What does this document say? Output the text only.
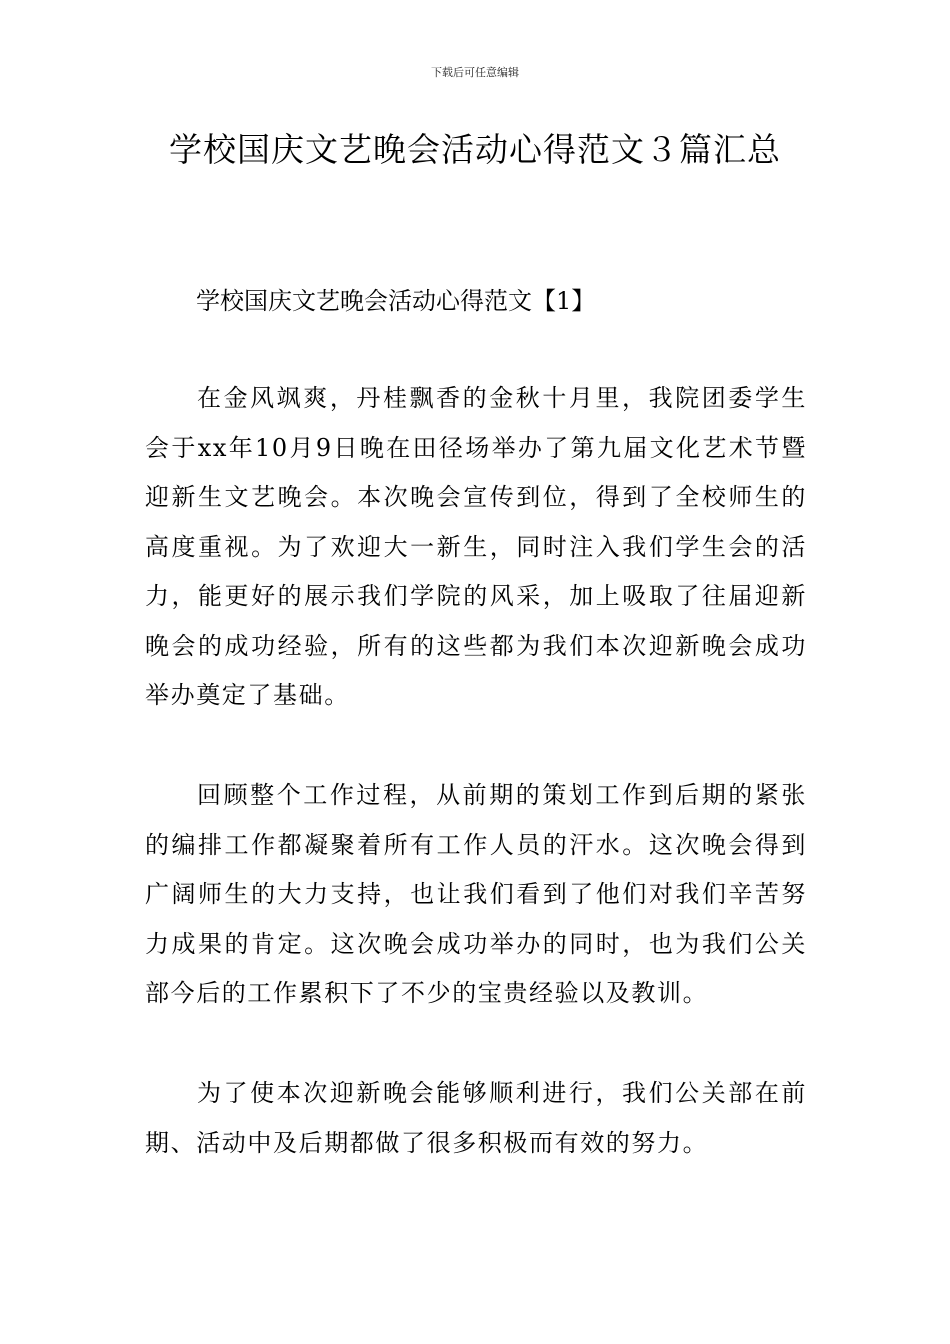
下载后可任意编辑
学校国庆文艺晚会活动心得范文３篇汇总
学校国庆文艺晚会活动心得范文【1】

在金风飒爽，丹桂飘香的金秋十月里，我院团委学生会于xx年10月9日晚在田径场举办了第九届文化艺术节暨迎新生文艺晚会。本次晚会宣传到位，得到了全校师生的高度重视。为了欢迎大一新生，同时注入我们学生会的活力，能更好的展示我们学院的风采，加上吸取了往届迎新晚会的成功经验，所有的这些都为我们本次迎新晚会成功举办奠定了基础。

回顾整个工作过程，从前期的策划工作到后期的紧张的编排工作都凝聚着所有工作人员的汗水。这次晚会得到广阔师生的大力支持，也让我们看到了他们对我们辛苦努力成果的肯定。这次晚会成功举办的同时，也为我们公关部今后的工作累积下了不少的宝贵经验以及教训。

为了使本次迎新晚会能够顺利进行，我们公关部在前期、活动中及后期都做了很多积极而有效的努力。
